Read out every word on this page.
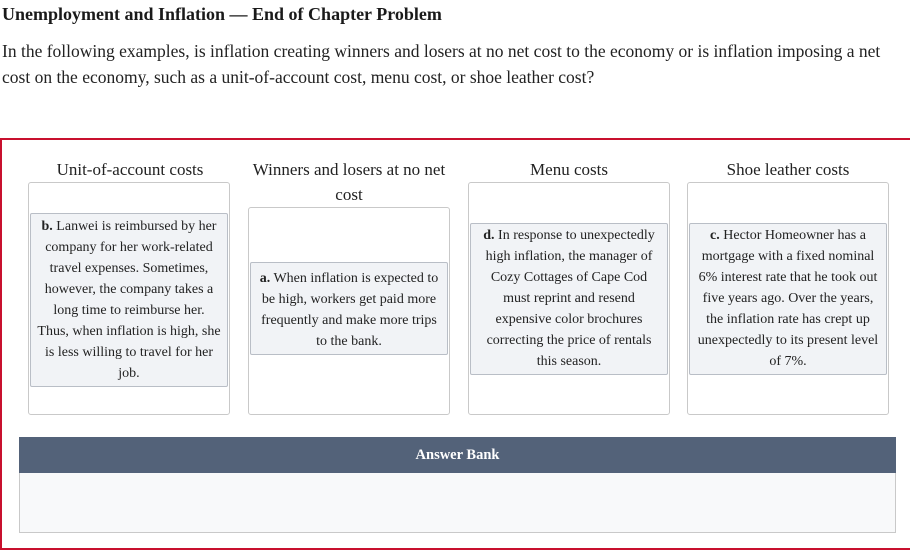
Unemployment and Inflation — End of Chapter Problem

In the following examples, is inflation creating winners and losers at no net cost to the economy or is inflation imposing a net cost on the economy, such as a unit-of-account cost, menu cost, or shoe leather cost?

Unit-of-account costs
b. Lanwei is reimbursed by her company for her work-related travel expenses. Sometimes, however, the company takes a long time to reimburse her. Thus, when inflation is high, she is less willing to travel for her job.
Winners and losers at no net cost
a. When inflation is expected to be high, workers get paid more frequently and make more trips to the bank.
Menu costs
d. In response to unexpectedly high inflation, the manager of Cozy Cottages of Cape Cod must reprint and resend expensive color brochures correcting the price of rentals this season.
Shoe leather costs
c. Hector Homeowner has a mortgage with a fixed nominal 6% interest rate that he took out five years ago. Over the years, the inflation rate has crept up unexpectedly to its present level of 7%.
Answer Bank
